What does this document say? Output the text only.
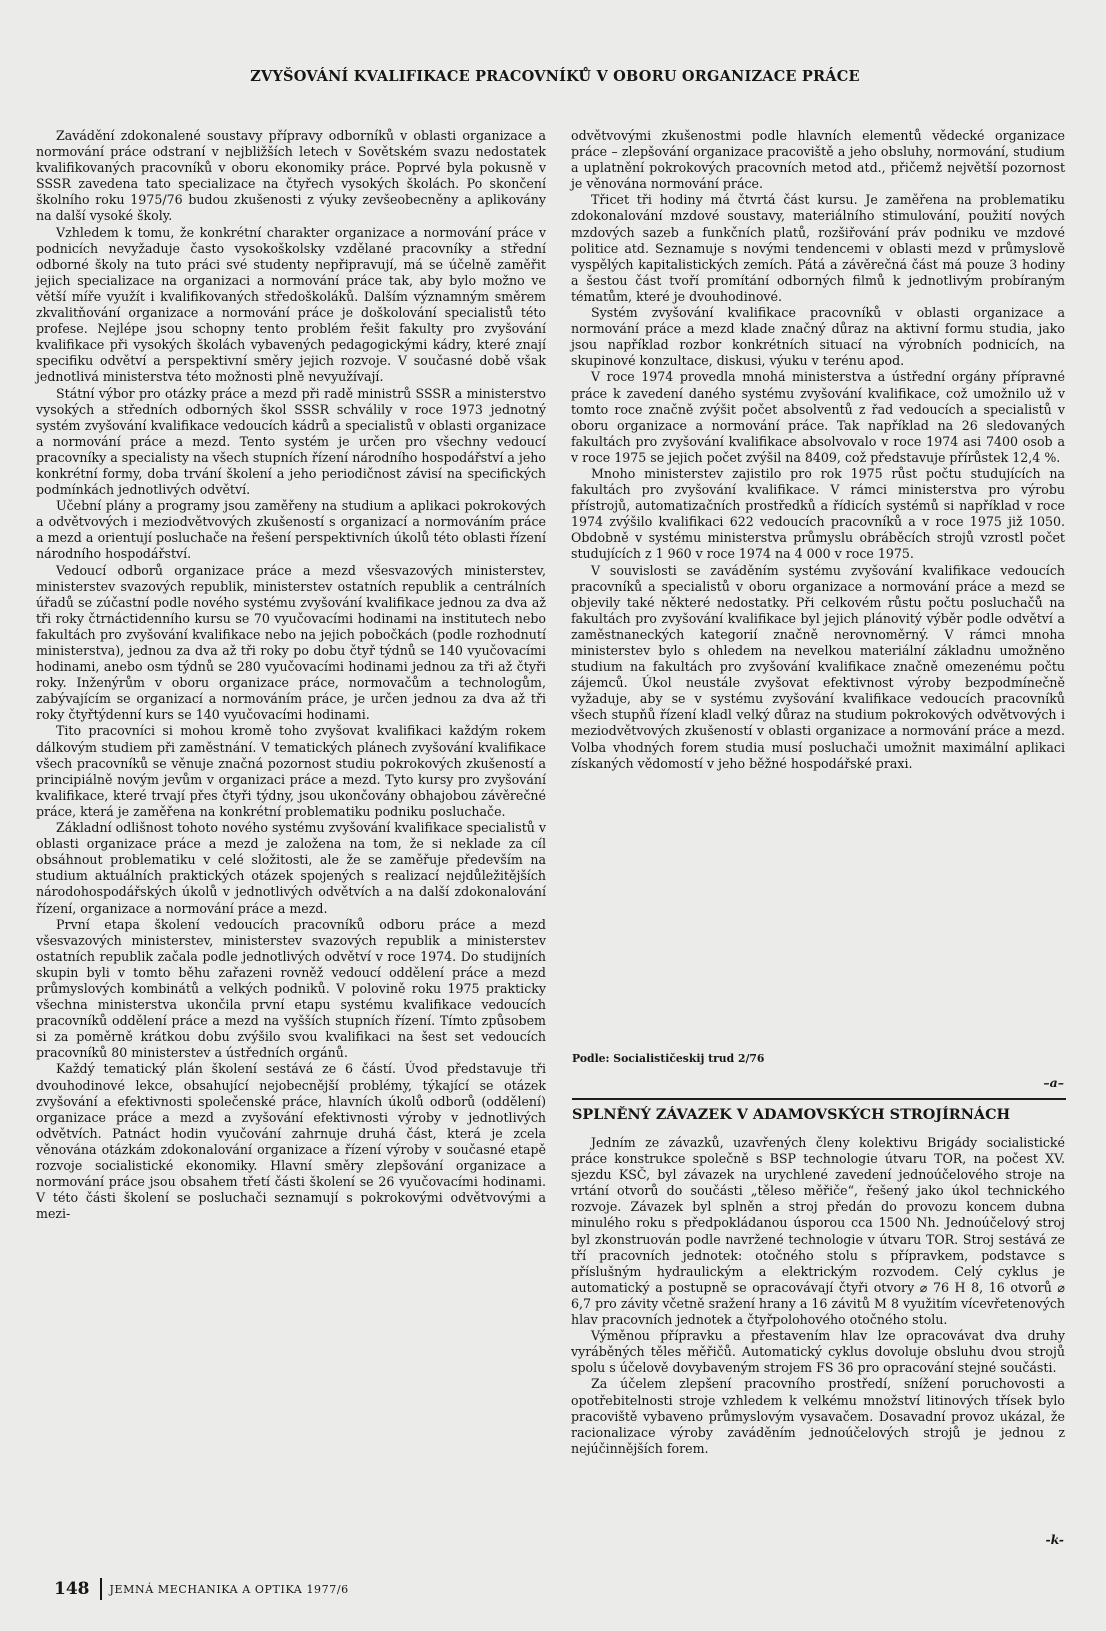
ZVYŠOVÁNÍ KVALIFIKACE PRACOVNÍKŮ V OBORU ORGANIZACE PRÁCE

Zavádění zdokonalené soustavy přípravy odborníků v oblasti organizace a normování práce odstraní v nejbližších letech v Sovětském svazu nedostatek kvalifikovaných pracovníků v oboru ekonomiky práce. Poprvé byla pokusně v SSSR zavedena tato specializace na čtyřech vysokých školách. Po skončení školního roku 1975/76 budou zkušenosti z výuky zevšeobecněny a aplikovány na další vysoké školy.

Vzhledem k tomu, že konkrétní charakter organizace a normování práce v podnicích nevyžaduje často vysokoškolsky vzdělané pracovníky a střední odborné školy na tuto práci své studenty nepřipravují, má se účelně zaměřit jejich specializace na organizaci a normování práce tak, aby bylo možno ve větší míře využít i kvalifikovaných středoškoláků. Dalším významným směrem zkvalitňování organizace a normování práce je doškolování specialistů této profese. Nejlépe jsou schopny tento problém řešit fakulty pro zvyšování kvalifikace při vysokých školách vybavených pedagogickými kádry, které znají specifiku odvětví a perspektivní směry jejich rozvoje. V současné době však jednotlivá ministerstva této možnosti plně nevyužívají.

Státní výbor pro otázky práce a mezd při radě ministrů SSSR a ministerstvo vysokých a středních odborných škol SSSR schválily v roce 1973 jednotný systém zvyšování kvalifikace vedoucích kádrů a specialistů v oblasti organizace a normování práce a mezd. Tento systém je určen pro všechny vedoucí pracovníky a specialisty na všech stupních řízení národního hospodářství a jeho konkrétní formy, doba trvání školení a jeho periodičnost závisí na specifických podmínkách jednotlivých odvětví.

Učební plány a programy jsou zaměřeny na studium a aplikaci pokrokových a odvětvových i meziodvětvových zkušeností s organizací a normováním práce a mezd a orientují posluchače na řešení perspektivních úkolů této oblasti řízení národního hospodářství.

Vedoucí odborů organizace práce a mezd všesvazových ministerstev, ministerstev svazových republik, ministerstev ostatních republik a centrálních úřadů se zúčastní podle nového systému zvyšování kvalifikace jednou za dva až tři roky čtrnáctidenního kursu se 70 vyučovacími hodinami na institutech nebo fakultách pro zvyšování kvalifikace nebo na jejich pobočkách (podle rozhodnutí ministerstva), jednou za dva až tři roky po dobu čtyř týdnů se 140 vyučovacími hodinami, anebo osm týdnů se 280 vyučovacími hodinami jednou za tři až čtyři roky. Inženýrům v oboru organizace práce, normovačům a technologům, zabývajícím se organizací a normováním práce, je určen jednou za dva až tři roky čtyřtýdenní kurs se 140 vyučovacími hodinami.

Tito pracovníci si mohou kromě toho zvyšovat kvalifikaci každým rokem dálkovým studiem při zaměstnání. V tematických plánech zvyšování kvalifikace všech pracovníků se věnuje značná pozornost studiu pokrokových zkušeností a principiálně novým jevům v organizaci práce a mezd. Tyto kursy pro zvyšování kvalifikace, které trvají přes čtyři týdny, jsou ukončovány obhajobou závěrečné práce, která je zaměřena na konkrétní problematiku podniku posluchače.

Základní odlišnost tohoto nového systému zvyšování kvalifikace specialistů v oblasti organizace práce a mezd je založena na tom, že si neklade za cíl obsáhnout problematiku v celé složitosti, ale že se zaměřuje především na studium aktuálních praktických otázek spojených s realizací nejdůležitějších národohospodářských úkolů v jednotlivých odvětvích a na další zdokonalování řízení, organizace a normování práce a mezd.

První etapa školení vedoucích pracovníků odboru práce a mezd všesvazových ministerstev, ministerstev svazových republik a ministerstev ostatních republik začala podle jednotlivých odvětví v roce 1974. Do studijních skupin byli v tomto běhu zařazeni rovněž vedoucí oddělení práce a mezd průmyslových kombinátů a velkých podniků. V polovině roku 1975 prakticky všechna ministerstva ukončila první etapu systému kvalifikace vedoucích pracovníků oddělení práce a mezd na vyšších stupních řízení. Tímto způsobem si za poměrně krátkou dobu zvýšilo svou kvalifikaci na šest set vedoucích pracovníků 80 ministerstev a ústředních orgánů.

Každý tematický plán školení sestává ze 6 částí. Úvod představuje tři dvouhodinové lekce, obsahující nejobecnější problémy, týkající se otázek zvyšování a efektivnosti společenské práce, hlavních úkolů odborů (oddělení) organizace práce a mezd a zvyšování efektivnosti výroby v jednotlivých odvětvích. Patnáct hodin vyučování zahrnuje druhá část, která je zcela věnována otázkám zdokonalování organizace a řízení výroby v současné etapě rozvoje socialistické ekonomiky. Hlavní směry zlepšování organizace a normování práce jsou obsahem třetí části školení se 26 vyučovacími hodinami. V této části školení se posluchači seznamují s pokrokovými odvětvovými a mezi-

odvětvovými zkušenostmi podle hlavních elementů vědecké organizace práce – zlepšování organizace pracoviště a jeho obsluhy, normování, studium a uplatnění pokrokových pracovních metod atd., přičemž největší pozornost je věnována normování práce.

Třicet tři hodiny má čtvrtá část kursu. Je zaměřena na problematiku zdokonalování mzdové soustavy, materiálního stimulování, použití nových mzdových sazeb a funkčních platů, rozšiřování práv podniku ve mzdové politice atd. Seznamuje s novými tendencemi v oblasti mezd v průmyslově vyspělých kapitalistických zemích. Pátá a závěrečná část má pouze 3 hodiny a šestou část tvoří promítání odborných filmů k jednotlivým probíraným tématům, které je dvouhodinové.

Systém zvyšování kvalifikace pracovníků v oblasti organizace a normování práce a mezd klade značný důraz na aktivní formu studia, jako jsou například rozbor konkrétních situací na výrobních podnicích, na skupinové konzultace, diskusi, výuku v terénu apod.

V roce 1974 provedla mnohá ministerstva a ústřední orgány přípravné práce k zavedení daného systému zvyšování kvalifikace, což umožnilo už v tomto roce značně zvýšit počet absolventů z řad vedoucích a specialistů v oboru organizace a normování práce. Tak například na 26 sledovaných fakultách pro zvyšování kvalifikace absolvovalo v roce 1974 asi 7400 osob a v roce 1975 se jejich počet zvýšil na 8409, což představuje přírůstek 12,4 %.

Mnoho ministerstev zajistilo pro rok 1975 růst počtu studujících na fakultách pro zvyšování kvalifikace. V rámci ministerstva pro výrobu přístrojů, automatizačních prostředků a řídicích systémů si například v roce 1974 zvýšilo kvalifikaci 622 vedoucích pracovníků a v roce 1975 již 1050. Obdobně v systému ministerstva průmyslu obráběcích strojů vzrostl počet studujících z 1 960 v roce 1974 na 4 000 v roce 1975.

V souvislosti se zaváděním systému zvyšování kvalifikace vedoucích pracovníků a specialistů v oboru organizace a normování práce a mezd se objevily také některé nedostatky. Při celkovém růstu počtu posluchačů na fakultách pro zvyšování kvalifikace byl jejich plánovitý výběr podle odvětví a zaměstnaneckých kategorií značně nerovnoměrný. V rámci mnoha ministerstev bylo s ohledem na nevelkou materiální základnu umožněno studium na fakultách pro zvyšování kvalifikace značně omezenému počtu zájemců. Úkol neustále zvyšovat efektivnost výroby bezpodmínečně vyžaduje, aby se v systému zvyšování kvalifikace vedoucích pracovníků všech stupňů řízení kladl velký důraz na studium pokrokových odvětvových i meziodvětvových zkušeností v oblasti organizace a normování práce a mezd. Volba vhodných forem studia musí posluchači umožnit maximální aplikaci získaných vědomostí v jeho běžné hospodářské praxi.

Podle: Socialističeskij trud 2/76
–a–
SPLNĚNÝ ZÁVAZEK V ADAMOVSKÝCH STROJÍRNÁCH

Jedním ze závazků, uzavřených členy kolektivu Brigády socialistické práce konstrukce společně s BSP technologie útvaru TOR, na počest XV. sjezdu KSČ, byl závazek na urychlené zavedení jednoúčelového stroje na vrtání otvorů do součásti „těleso měřiče“, řešený jako úkol technického rozvoje. Závazek byl splněn a stroj předán do provozu koncem dubna minulého roku s předpokládanou úsporou cca 1500 Nh. Jednoúčelový stroj byl zkonstruován podle navržené technologie v útvaru TOR. Stroj sestává ze tří pracovních jednotek: otočného stolu s přípravkem, podstavce s příslušným hydraulickým a elektrickým rozvodem. Celý cyklus je automatický a postupně se opracovávají čtyři otvory ⌀ 76 H 8, 16 otvorů ⌀ 6,7 pro závity včetně sražení hrany a 16 závitů M 8 využitím vícevřetenových hlav pracovních jednotek a čtyřpolohového otočného stolu.

Výměnou přípravku a přestavením hlav lze opracovávat dva druhy vyráběných těles měřičů. Automatický cyklus dovoluje obsluhu dvou strojů spolu s účelově dovybaveným strojem FS 36 pro opracování stejné součásti.

Za účelem zlepšení pracovního prostředí, snížení poruchovosti a opotřebitelnosti stroje vzhledem k velkému množství litinových třísek bylo pracoviště vybaveno průmyslovým vysavačem. Dosavadní provoz ukázal, že racionalizace výroby zaváděním jednoúčelových strojů je jednou z nejúčinnějších forem.

-k-
148 JEMNÁ MECHANIKA A OPTIKA 1977/6
